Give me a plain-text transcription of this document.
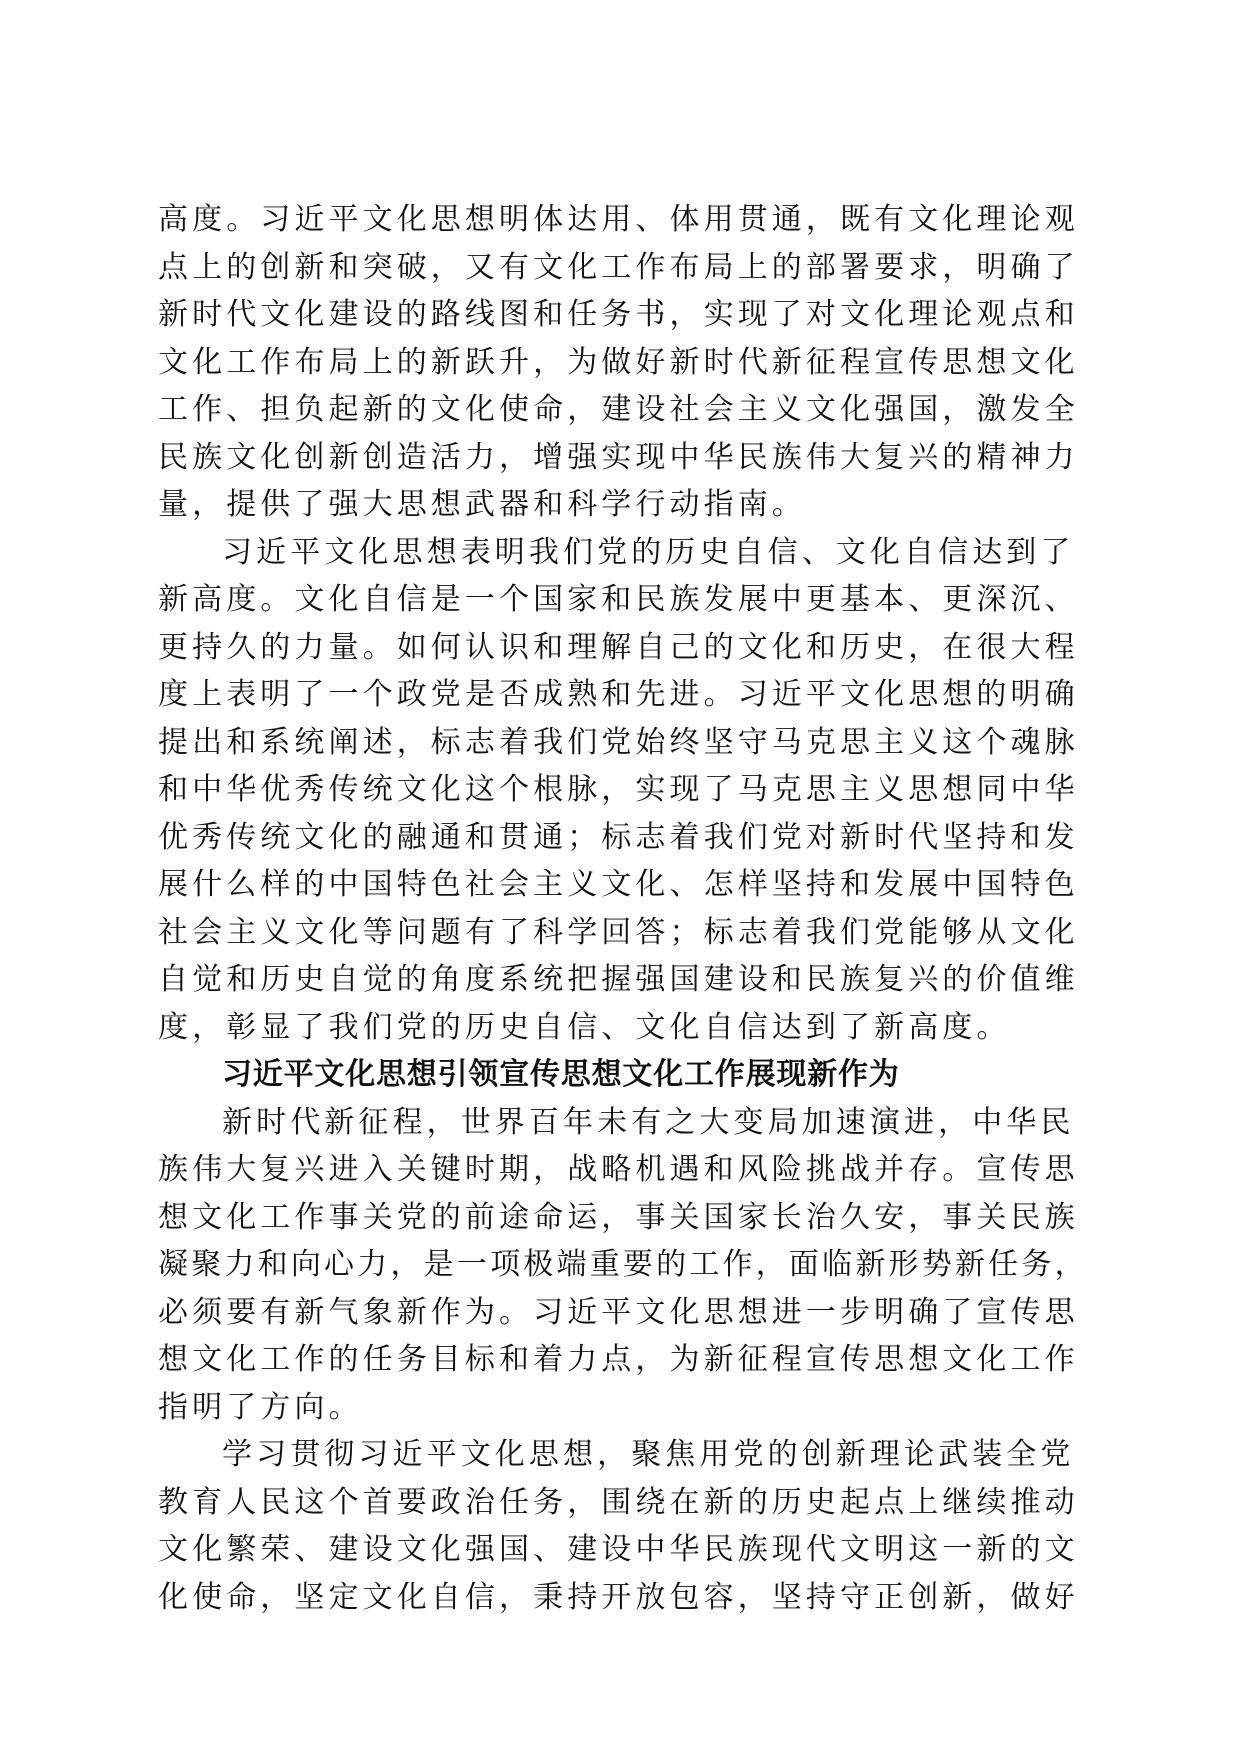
高度。习近平文化思想明体达用、体用贯通，既有文化理论观
点上的创新和突破，又有文化工作布局上的部署要求，明确了
新时代文化建设的路线图和任务书，实现了对文化理论观点和
文化工作布局上的新跃升，为做好新时代新征程宣传思想文化
工作、担负起新的文化使命，建设社会主义文化强国，激发全
民族文化创新创造活力，增强实现中华民族伟大复兴的精神力
量，提供了强大思想武器和科学行动指南。
习近平文化思想表明我们党的历史自信、文化自信达到了
新高度。文化自信是一个国家和民族发展中更基本、更深沉、
更持久的力量。如何认识和理解自己的文化和历史，在很大程
度上表明了一个政党是否成熟和先进。习近平文化思想的明确
提出和系统阐述，标志着我们党始终坚守马克思主义这个魂脉
和中华优秀传统文化这个根脉，实现了马克思主义思想同中华
优秀传统文化的融通和贯通；标志着我们党对新时代坚持和发
展什么样的中国特色社会主义文化、怎样坚持和发展中国特色
社会主义文化等问题有了科学回答；标志着我们党能够从文化
自觉和历史自觉的角度系统把握强国建设和民族复兴的价值维
度，彰显了我们党的历史自信、文化自信达到了新高度。
习近平文化思想引领宣传思想文化工作展现新作为
新时代新征程，世界百年未有之大变局加速演进，中华民
族伟大复兴进入关键时期，战略机遇和风险挑战并存。宣传思
想文化工作事关党的前途命运，事关国家长治久安，事关民族
凝聚力和向心力，是一项极端重要的工作，面临新形势新任务，
必须要有新气象新作为。习近平文化思想进一步明确了宣传思
想文化工作的任务目标和着力点，为新征程宣传思想文化工作
指明了方向。
学习贯彻习近平文化思想，聚焦用党的创新理论武装全党
教育人民这个首要政治任务，围绕在新的历史起点上继续推动
文化繁荣、建设文化强国、建设中华民族现代文明这一新的文
化使命，坚定文化自信，秉持开放包容，坚持守正创新，做好
